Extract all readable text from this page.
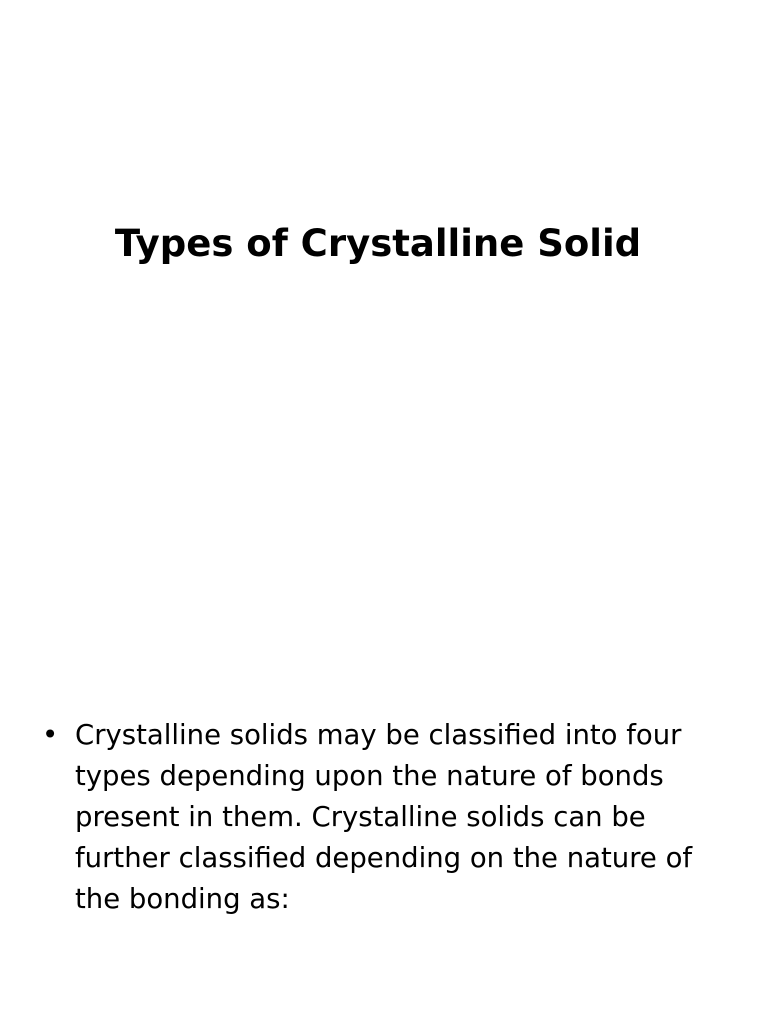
Types of Crystalline Solid
• Crystalline solids may be classified into four types depending upon the nature of bonds present in them. Crystalline solids can be further classified depending on the nature of the bonding as:
